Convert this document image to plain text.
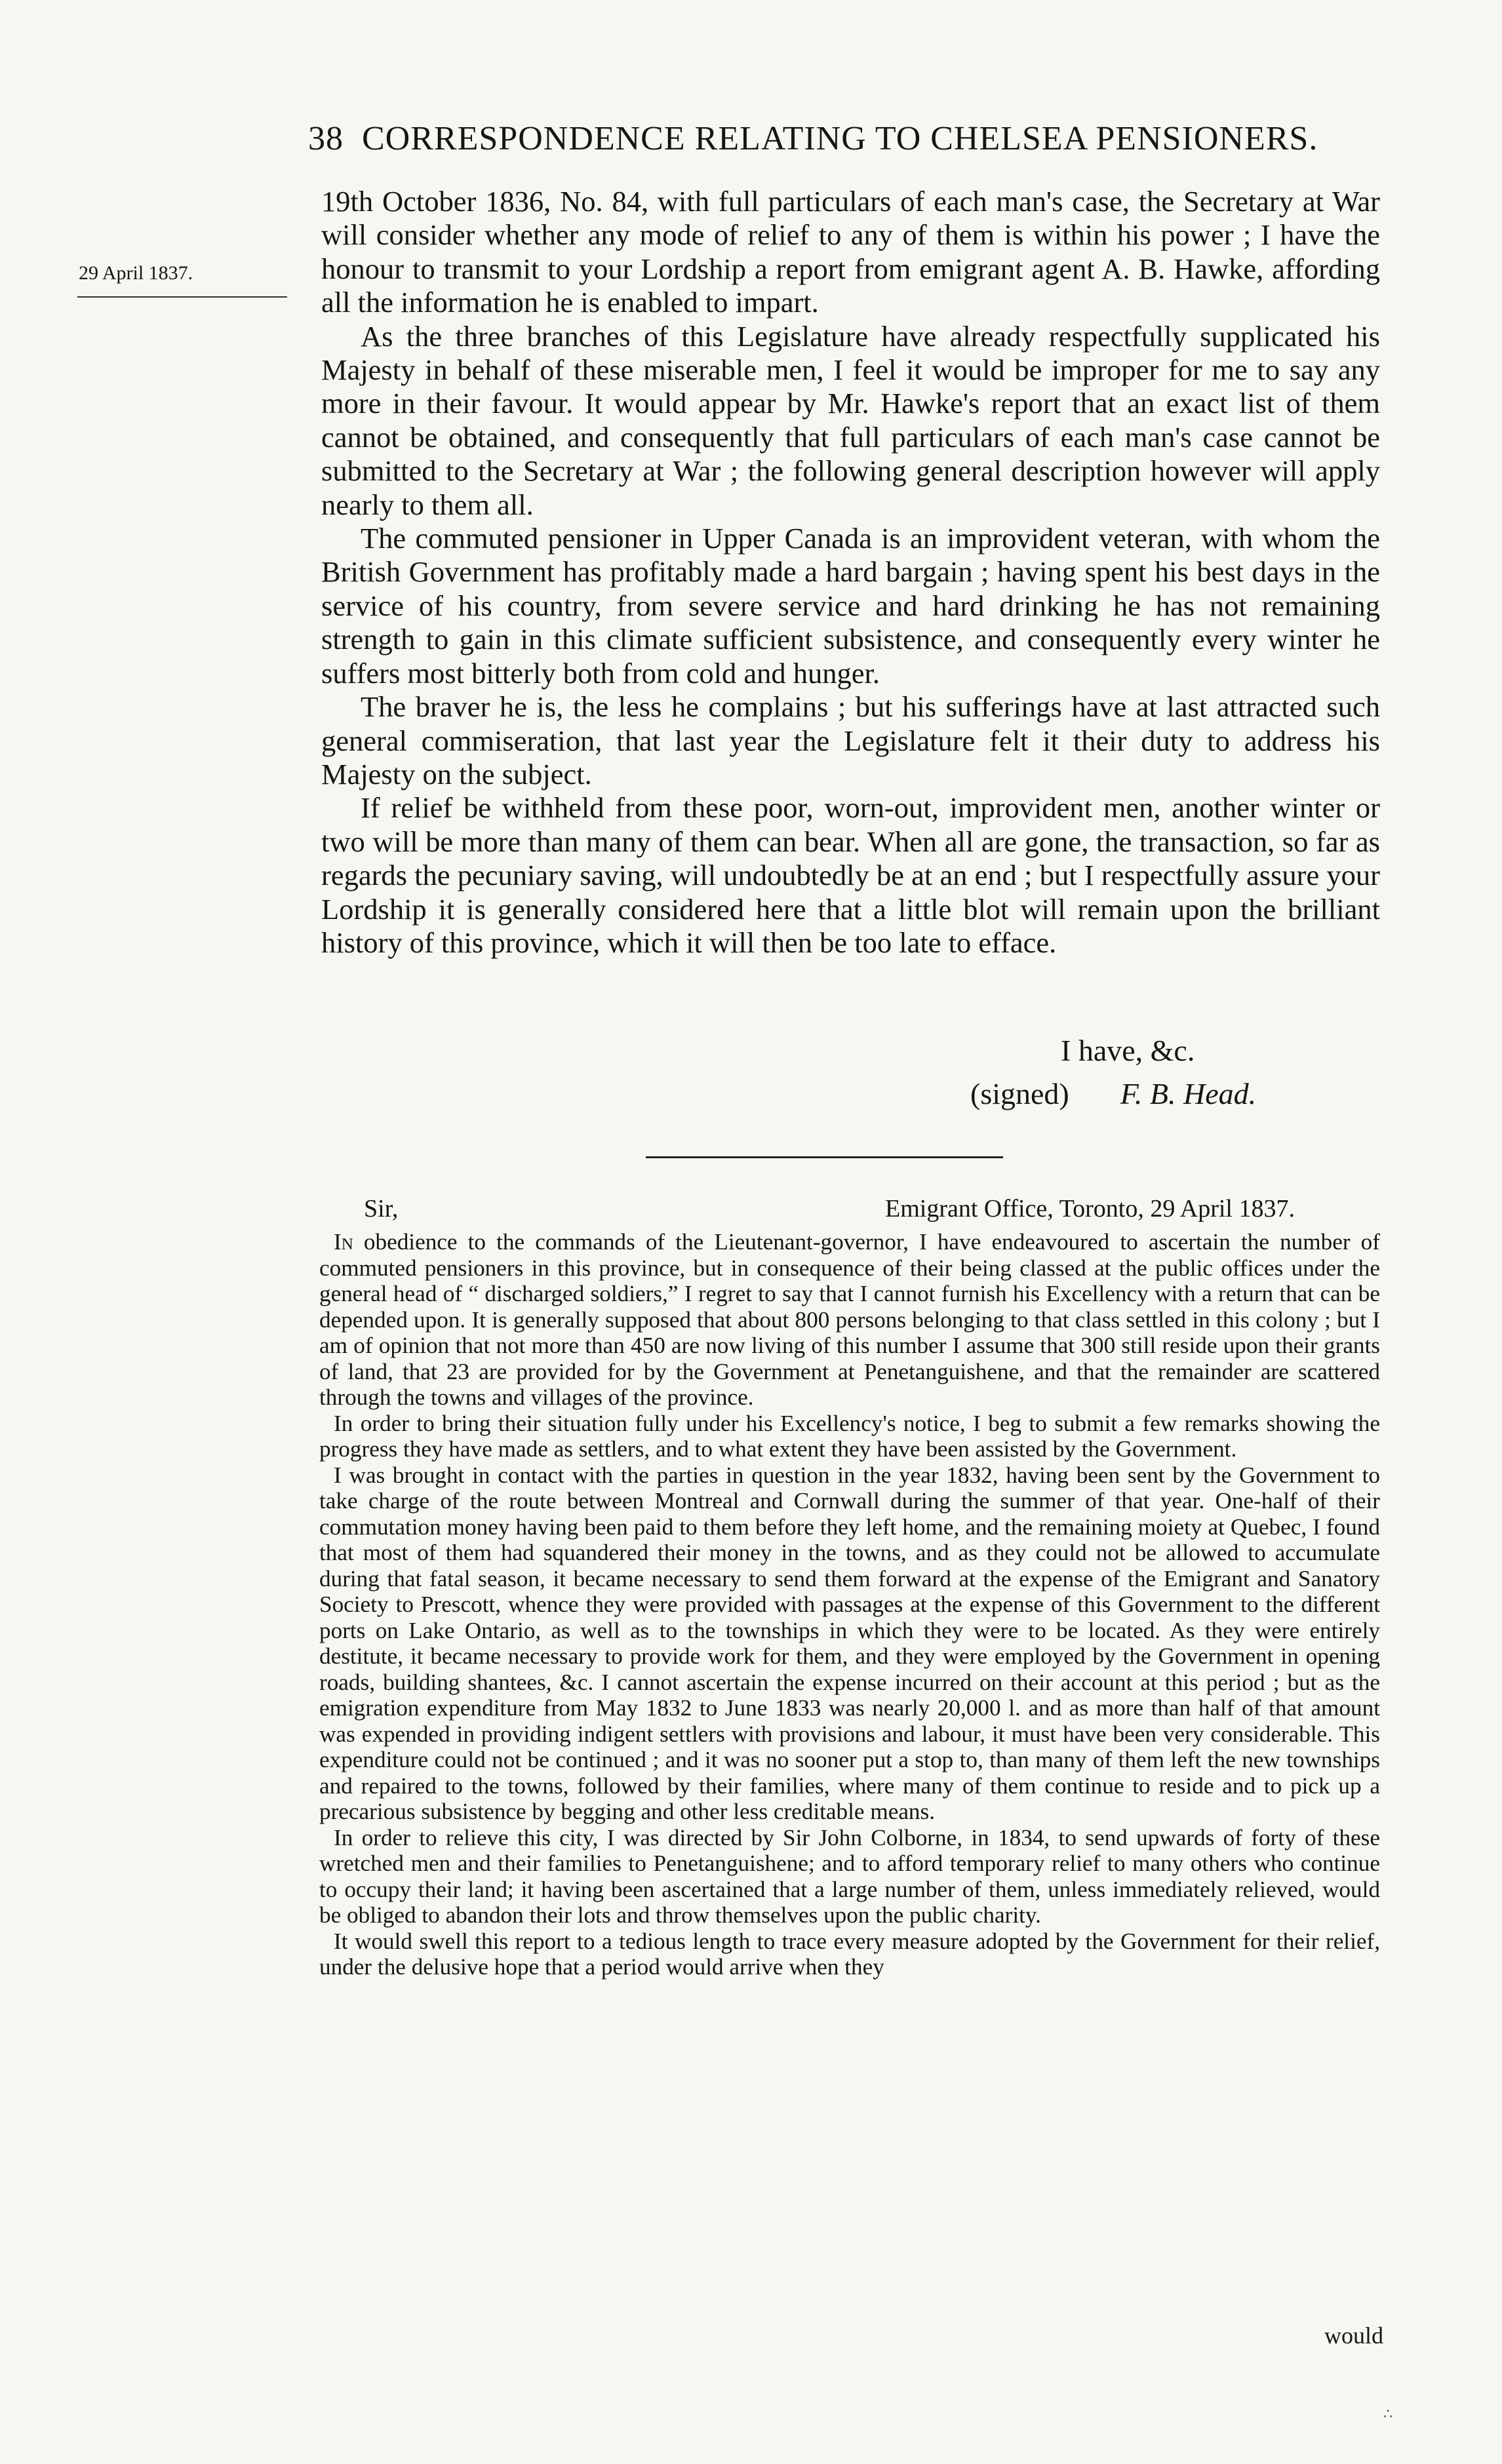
38 CORRESPONDENCE RELATING TO CHELSEA PENSIONERS.
29 April 1837.

19th October 1836, No. 84, with full particulars of each man's case, the Secretary at War will consider whether any mode of relief to any of them is within his power ; I have the honour to transmit to your Lordship a report from emigrant agent A. B. Hawke, affording all the information he is enabled to impart.

As the three branches of this Legislature have already respectfully supplicated his Majesty in behalf of these miserable men, I feel it would be improper for me to say any more in their favour. It would appear by Mr. Hawke's report that an exact list of them cannot be obtained, and consequently that full particulars of each man's case cannot be submitted to the Secretary at War ; the following general description however will apply nearly to them all.

The commuted pensioner in Upper Canada is an improvident veteran, with whom the British Government has profitably made a hard bargain ; having spent his best days in the service of his country, from severe service and hard drinking he has not remaining strength to gain in this climate sufficient subsistence, and consequently every winter he suffers most bitterly both from cold and hunger.

The braver he is, the less he complains ; but his sufferings have at last attracted such general commiseration, that last year the Legislature felt it their duty to address his Majesty on the subject.

If relief be withheld from these poor, worn-out, improvident men, another winter or two will be more than many of them can bear. When all are gone, the transaction, so far as regards the pecuniary saving, will undoubtedly be at an end ; but I respectfully assure your Lordship it is generally considered here that a little blot will remain upon the brilliant history of this province, which it will then be too late to efface.

I have, &c.
(signed) F. B. Head.
Sir,	Emigrant Office, Toronto, 29 April 1837.

In obedience to the commands of the Lieutenant-governor, I have endeavoured to ascertain the number of commuted pensioners in this province, but in consequence of their being classed at the public offices under the general head of “ discharged soldiers,” I regret to say that I cannot furnish his Excellency with a return that can be depended upon. It is generally supposed that about 800 persons belonging to that class settled in this colony ; but I am of opinion that not more than 450 are now living of this number I assume that 300 still reside upon their grants of land, that 23 are provided for by the Government at Penetanguishene, and that the remainder are scattered through the towns and villages of the province.

In order to bring their situation fully under his Excellency's notice, I beg to submit a few remarks showing the progress they have made as settlers, and to what extent they have been assisted by the Government.

I was brought in contact with the parties in question in the year 1832, having been sent by the Government to take charge of the route between Montreal and Cornwall during the summer of that year. One-half of their commutation money having been paid to them before they left home, and the remaining moiety at Quebec, I found that most of them had squandered their money in the towns, and as they could not be allowed to accumulate during that fatal season, it became necessary to send them forward at the expense of the Emigrant and Sanatory Society to Prescott, whence they were provided with passages at the expense of this Government to the different ports on Lake Ontario, as well as to the townships in which they were to be located. As they were entirely destitute, it became necessary to provide work for them, and they were employed by the Government in opening roads, building shantees, &c. I cannot ascertain the expense incurred on their account at this period ; but as the emigration expenditure from May 1832 to June 1833 was nearly 20,000 l. and as more than half of that amount was expended in providing indigent settlers with provisions and labour, it must have been very considerable. This expenditure could not be continued ; and it was no sooner put a stop to, than many of them left the new townships and repaired to the towns, followed by their families, where many of them continue to reside and to pick up a precarious subsistence by begging and other less creditable means.

In order to relieve this city, I was directed by Sir John Colborne, in 1834, to send upwards of forty of these wretched men and their families to Penetanguishene; and to afford temporary relief to many others who continue to occupy their land; it having been ascertained that a large number of them, unless immediately relieved, would be obliged to abandon their lots and throw themselves upon the public charity.

It would swell this report to a tedious length to trace every measure adopted by the Government for their relief, under the delusive hope that a period would arrive when they

would
∴
